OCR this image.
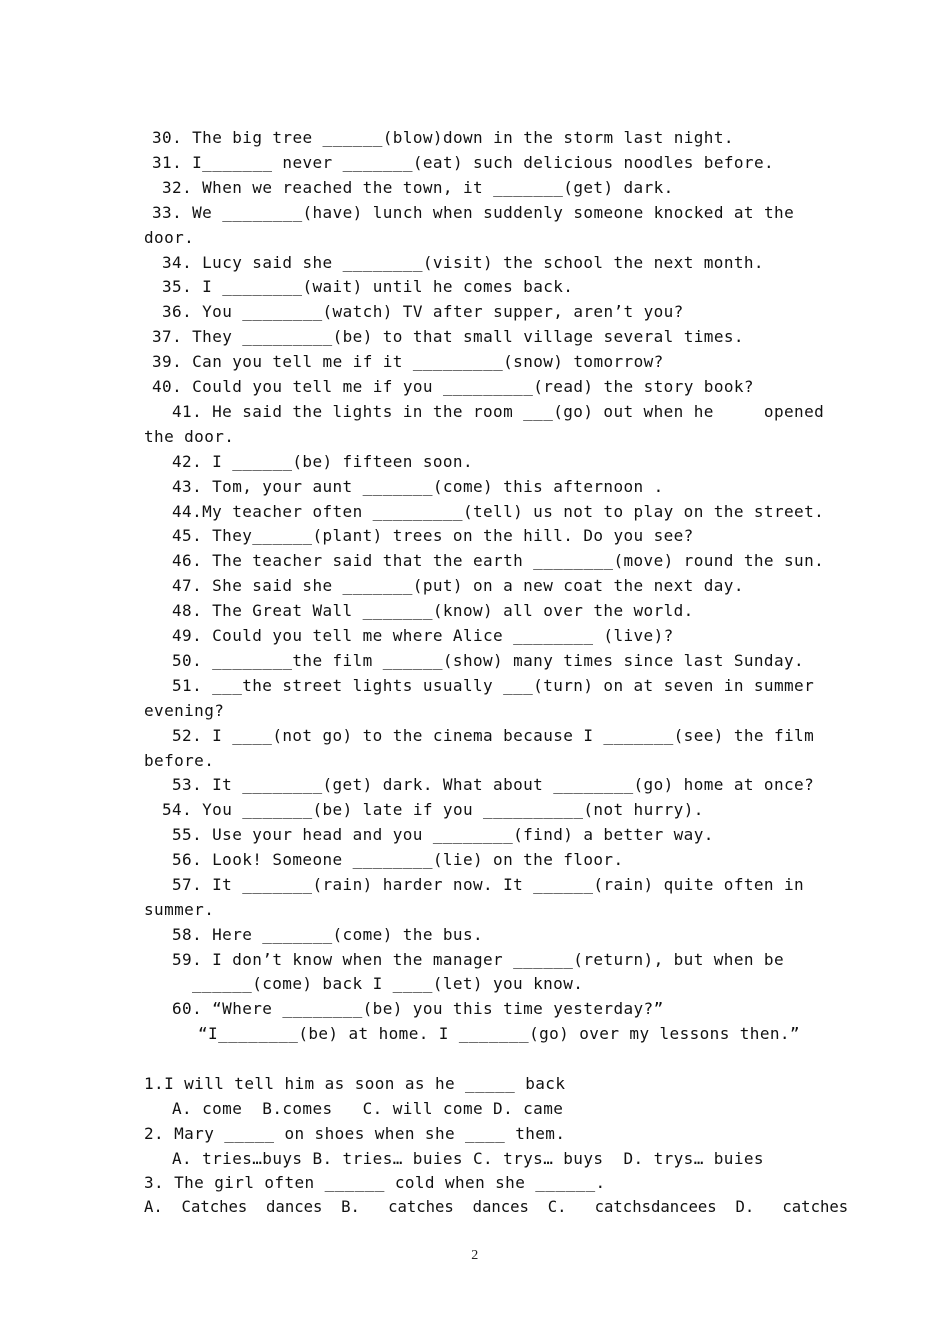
30. The big tree ______(blow)down in the storm last night.
31. I_______ never _______(eat) such delicious noodles before.
32. When we reached the town, it _______(get) dark.
33. We ________(have) lunch when suddenly someone knocked at the
door.
34. Lucy said she ________(visit) the school the next month.
35. I ________(wait) until he comes back.
36. You ________(watch) TV after supper, aren’t you?
37. They _________(be) to that small village several times.
39. Can you tell me if it _________(snow) tomorrow?
40. Could you tell me if you _________(read) the story book?
41. He said the lights in the room ___(go) out when he     opened
the door.
42. I ______(be) fifteen soon.
43. Tom, your aunt _______(come) this afternoon .
44.My teacher often _________(tell) us not to play on the street.
45. They______(plant) trees on the hill. Do you see?
46. The teacher said that the earth ________(move) round the sun.
47. She said she _______(put) on a new coat the next day.
48. The Great Wall _______(know) all over the world.
49. Could you tell me where Alice ________ (live)?
50. ________the film ______(show) many times since last Sunday.
51. ___the street lights usually ___(turn) on at seven in summer
evening?
52. I ____(not go) to the cinema because I _______(see) the film
before.
53. It ________(get) dark. What about ________(go) home at once?
54. You _______(be) late if you __________(not hurry).
55. Use your head and you ________(find) a better way.
56. Look! Someone ________(lie) on the floor.
57. It _______(rain) harder now. It ______(rain) quite often in
summer.
58. Here _______(come) the bus.
59. I don’t know when the manager ______(return), but when be
______(come) back I ____(let) you know.
60. “Where ________(be) you this time yesterday?”
“I________(be) at home. I _______(go) over my lessons then.”
1.I will tell him as soon as he _____ back
A. come  B.comes   C. will come D. came
2. Mary _____ on shoes when she ____ them.
A. tries…buys B. tries… buies C. trys… buys  D. trys… buies
3. The girl often ______ cold when she ______.
A.  Catches  dances  B.   catches  dances  C.   catchsdancees  D.   catches
2
